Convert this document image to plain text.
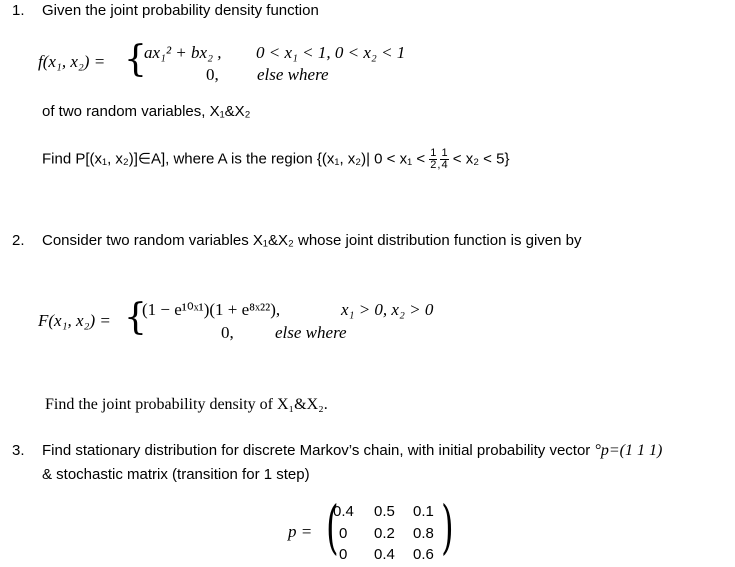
1. Given the joint probability density function
f(x₁, x₂) = {
ax₁² + bx₂ , 0 < x₁ < 1, 0 < x₂ < 1
0, else where
of two random variables, X₁&X₂
Find P[(x₁, x₂)]∈A], where A is the region {(x₁, x₂)| $0 < x_1 < \frac{1}{2}$ , $\frac{1}{4} < x_2 < 5$}
2. Consider two random variables X₁&X₂ whose joint distribution function is given by
F(x₁, x₂) = {
(1 − e¹⁰ˣ¹)(1 + e⁸ˣ²²),	x₁ > 0, x₂ > 0
0, else where
Find the joint probability density of X₁&X₂.
3. Find stationary distribution for discrete Markov’s chain, with initial probability vector °p=(1 1 1)
& stochastic matrix (transition for 1 step)
p = ( )
0.4 0.5 0.1
0 0.2 0.8
0 0.4 0.6
